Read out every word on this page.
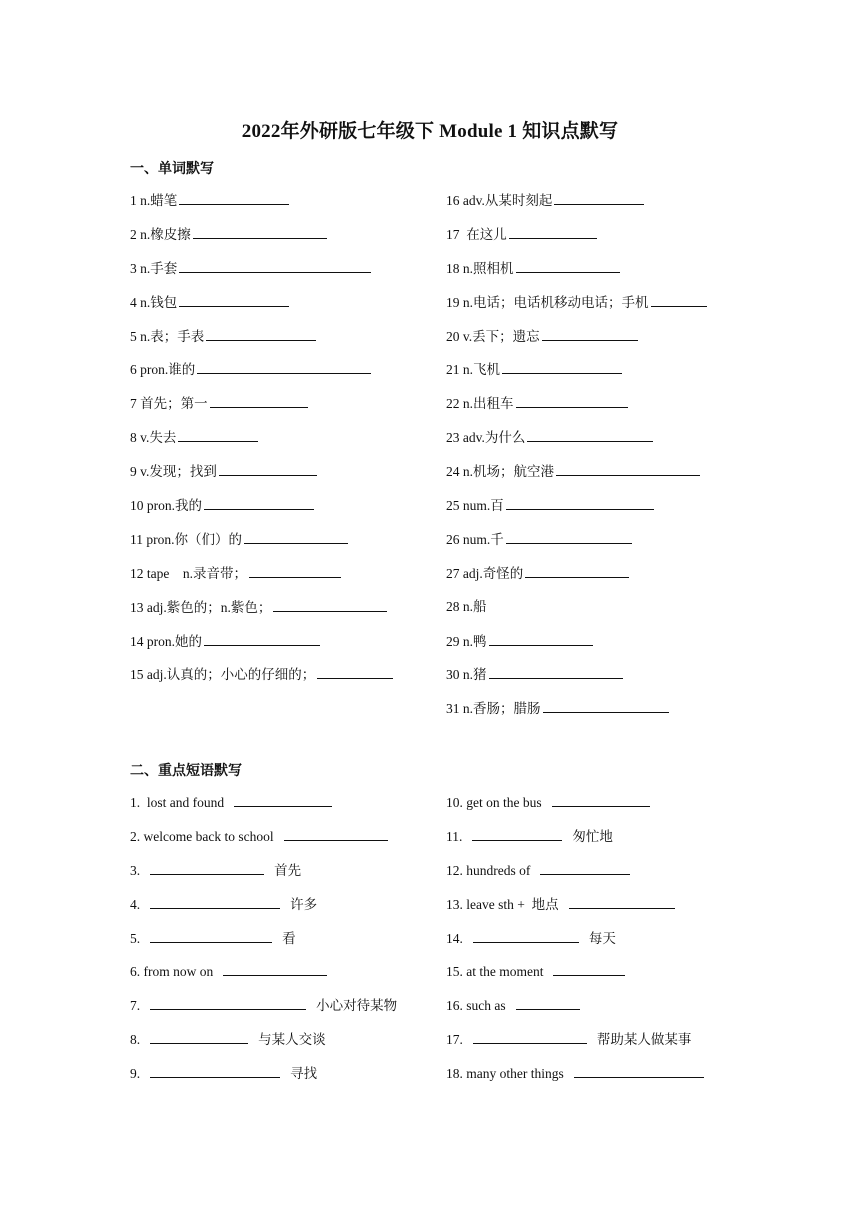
2022年外研版七年级下 Module 1 知识点默写
一、单词默写
1 n.蜡笔
2 n.橡皮擦
3 n.手套
4 n.钱包
5 n.表；手表
6 pron.谁的
7 首先；第一
8 v.失去
9 v.发现；找到
10 pron.我的
11 pron.你（们）的
12 tape    n.录音带；
13 adj.紫色的；n.紫色；
14 pron.她的
15 adj.认真的；小心的仔细的；
16 adv.从某时刻起
17  在这儿
18 n.照相机
19 n.电话；电话机移动电话；手机
20 v.丢下；遗忘
21 n.飞机
22 n.出租车
23 adv.为什么
24 n.机场；航空港
25 num.百
26 num.千
27 adj.奇怪的
28 n.船
29 n.鸭
30 n.猪
31 n.香肠；腊肠
二、重点短语默写
1.  lost and found
2. welcome back to school
3.	首先
4.	许多
5.	看
6. from now on
7.	小心对待某物
8.	与某人交谈
9.	寻找
10. get on the bus
11.	匆忙地
12. hundreds of
13. leave sth +  地点
14.	每天
15. at the moment
16. such as
17.	帮助某人做某事
18. many other things
